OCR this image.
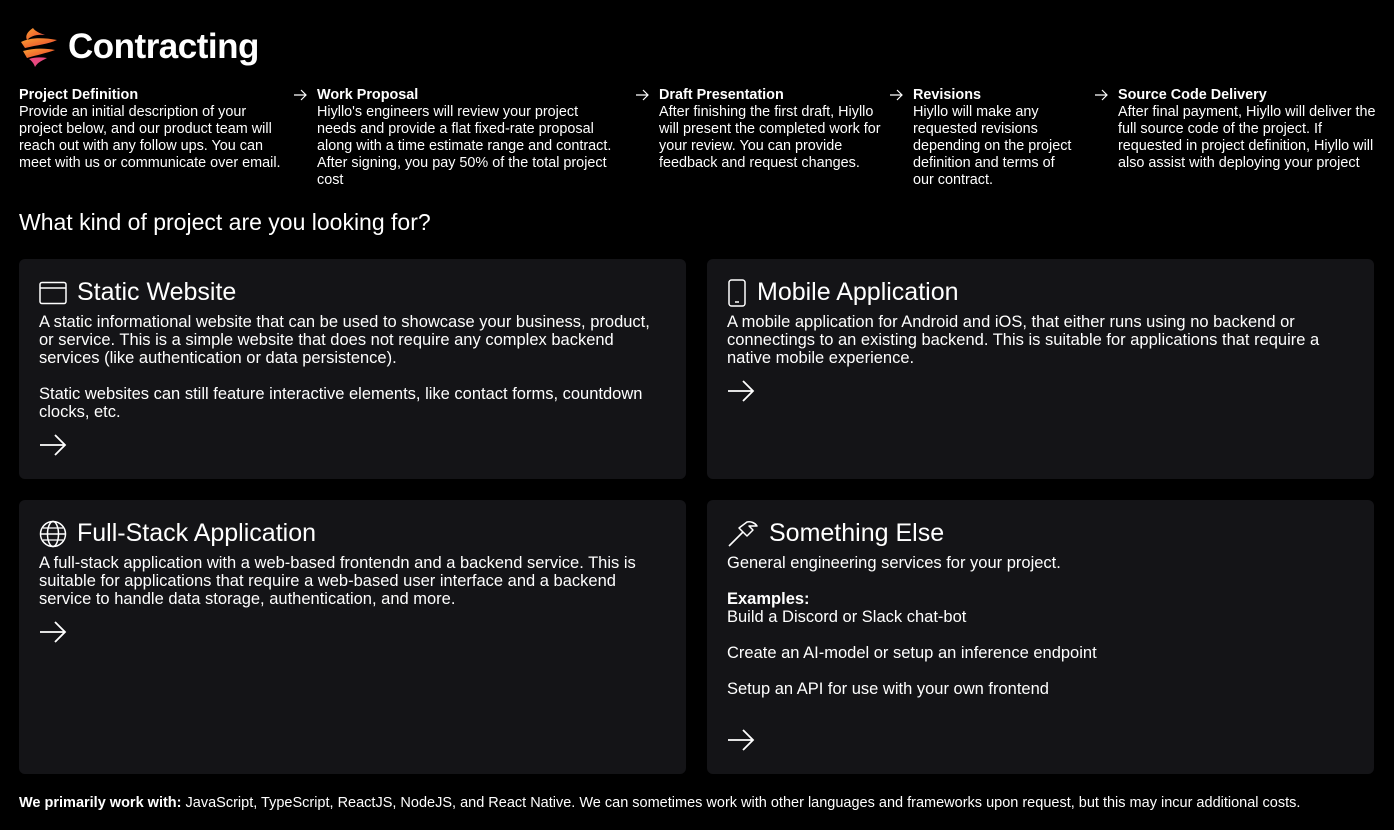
Contracting
Project Definition
Provide an initial description of your project below, and our product team will reach out with any follow ups. You can meet with us or communicate over email.
Work Proposal
Hiyllo's engineers will review your project needs and provide a flat fixed-rate proposal along with a time estimate range and contract. After signing, you pay 50% of the total project cost
Draft Presentation
After finishing the first draft, Hiyllo will present the completed work for your review. You can provide feedback and request changes.
Revisions
Hiyllo will make any requested revisions depending on the project definition and terms of our contract.
Source Code Delivery
After final payment, Hiyllo will deliver the full source code of the project. If requested in project definition, Hiyllo will also assist with deploying your project
What kind of project are you looking for?
Static Website

A static informational website that can be used to showcase your business, product, or service. This is a simple website that does not require any complex backend services (like authentication or data persistence).

Static websites can still feature interactive elements, like contact forms, countdown clocks, etc.

Mobile Application

A mobile application for Android and iOS, that either runs using no backend or connectings to an existing backend. This is suitable for applications that require a native mobile experience.

Full-Stack Application

A full-stack application with a web-based frontendn and a backend service. This is suitable for applications that require a web-based user interface and a backend service to handle data storage, authentication, and more.

Something Else

General engineering services for your project.

Examples:

Build a Discord or Slack chat-bot

Create an AI-model or setup an inference endpoint

Setup an API for use with your own frontend

We primarily work with: JavaScript, TypeScript, ReactJS, NodeJS, and React Native. We can sometimes work with other languages and frameworks upon request, but this may incur additional costs.
